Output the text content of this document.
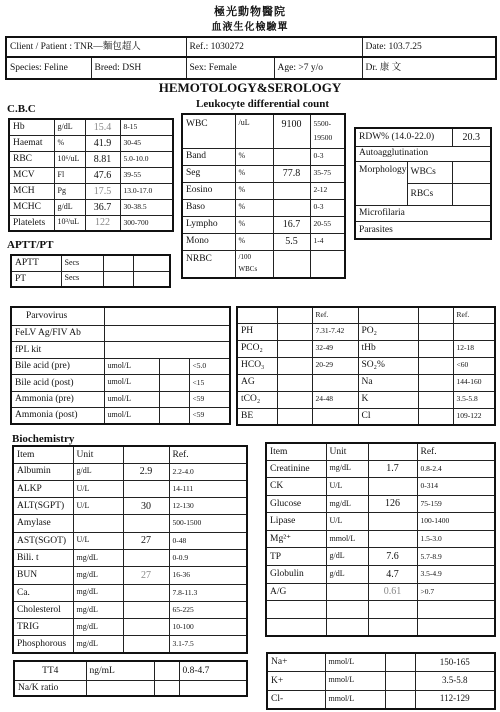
極光動物醫院
血液生化檢驗單
Client / Patient : TNR—麵包超人	Ref.: 1030272	Date: 103.7.25
Species: Feline	Breed: DSH	Sex: Female	Age: >7 y/o	Dr. 康 文
HEMOTOLOGY&SEROLOGY
C.B.C
Hb	g/dL	15.4	8-15
Haemat	%	41.9	30-45
RBC	10⁶/uL	8.81	5.0-10.0
MCV	Fl	47.6	39-55
MCH	Pg	17.5	13.0-17.0
MCHC	g/dL	36.7	30-38.5
Platelets	10³/uL	122	300-700
Leukocyte differential count
WBC	/uL	9100	5500-
19500

Band	%		0-3
Seg	%	77.8	35-75
Eosino	%		2-12
Baso	%		0-3
Lympho	%	16.7	20-55
Mono	%	5.5	1-4
NRBC	/100
WBCs		

RDW% (14.0-22.0)		20.3
Autoagglutination		
Morphology	WBCs	
	RBCs	
Microfilaria		
Parasites		
APTT/PT
APTT	Secs		
PT	Secs		
Parvovirus			
FeLV Ag/FIV Ab			
fPL kit			
Bile acid (pre)	umol/L		<5.0
Bile acid (post)	umol/L		<15
Ammonia (pre)	umol/L		<59
Ammonia (post)	umol/L		<59
		Ref.			Ref.
PH		7.31-7.42	PO₂		
PCO₂		32-49	tHb		12-18
HCO₃		20-29	SO₂%		<60
AG			Na		144-160
tCO₂		24-48	K		3.5-5.8
BE			Cl		109-122
Biochemistry
Item	Unit		Ref.
Albumin	g/dL	2.9	2.2-4.0
ALKP	U/L		14-111
ALT(SGPT)	U/L	30	12-130
Amylase			500-1500
AST(SGOT)	U/L	27	0-48
Bili. t	mg/dL		0-0.9
BUN	mg/dL	27	16-36
Ca.	mg/dL		7.8-11.3
Cholesterol	mg/dL		65-225
TRIG	mg/dL		10-100
Phosphorous	mg/dL		3.1-7.5
Item	Unit		Ref.
Creatinine	mg/dL	1.7	0.8-2.4
CK	U/L		0-314
Glucose	mg/dL	126	75-159
Lipase	U/L		100-1400
Mg²⁺	mmol/L		1.5-3.0
TP	g/dL	7.6	5.7-8.9
Globulin	g/dL	4.7	3.5-4.9
A/G		0.61	>0.7

TT4	ng/mL		0.8-4.7
Na/K ratio			
Na+	mmol/L		150-165
K+	mmol/L		3.5-5.8
Cl-	mmol/L		112-129
